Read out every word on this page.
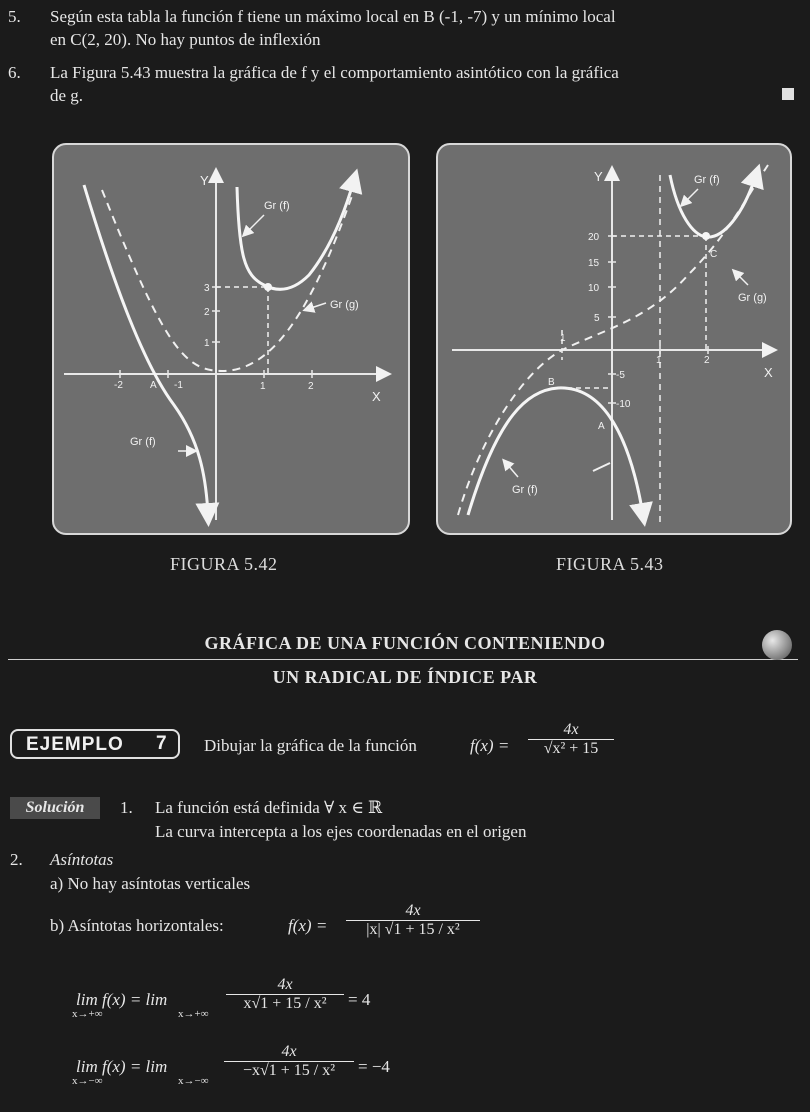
5. Según esta tabla la función f tiene un máximo local en B (-1, -7) y un mínimo local
en C(2, 20). No hay puntos de inflexión
6. La Figura 5.43 muestra la gráfica de f y el comportamiento asintótico con la gráfica
de g.
Y
X
Gr (f)
Gr (g)
Gr (f)
A
3
2
1
-2	-1	1	2
FIGURA 5.42
Y
X
Gr (f)
Gr (g)
Gr (f)
B
C
A
20
15
10
5
-5
-10
1
1	2
FIGURA 5.43
GRÁFICA DE UNA FUNCIÓN CONTENIENDO
UN RADICAL DE ÍNDICE PAR
EJEMPLO 7 Dibujar la gráfica de la función	f(x) =
4x
√x² + 15
Solución	1. La función está definida ∀ x ∈ ℝ
La curva intercepta a los ejes coordenadas en el origen
2. Asíntotas
a) No hay asíntotas verticales
b) Asíntotas horizontales:	f(x) =
4x
|x| √1 + 15 / x²
lim f(x) = lim
x→+∞	x→+∞
4x
x√1 + 15 / x²	= 4
lim f(x) = lim
x→−∞	x→−∞
4x
−x√1 + 15 / x²	= −4
